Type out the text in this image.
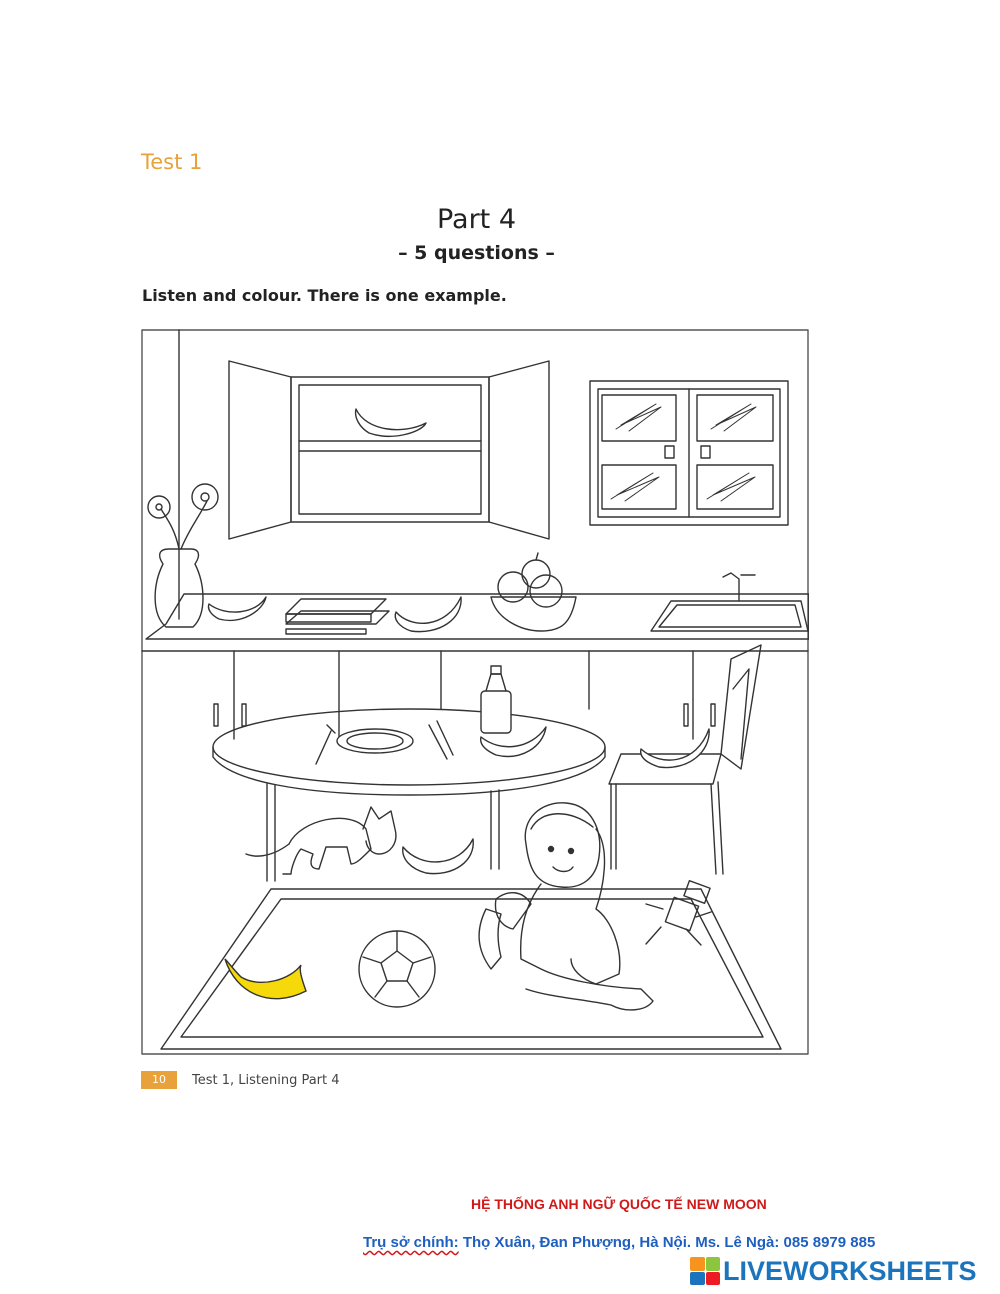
Test 1
Part 4
– 5 questions –
Listen and colour. There is one example.
10	Test 1, Listening Part 4
HỆ THỐNG ANH NGỮ QUỐC TẾ NEW MOON
Trụ sở chính: Thọ Xuân, Đan Phượng, Hà Nội. Ms. Lê Ngà: 085 8979 885
LIVEWORKSHEETS
